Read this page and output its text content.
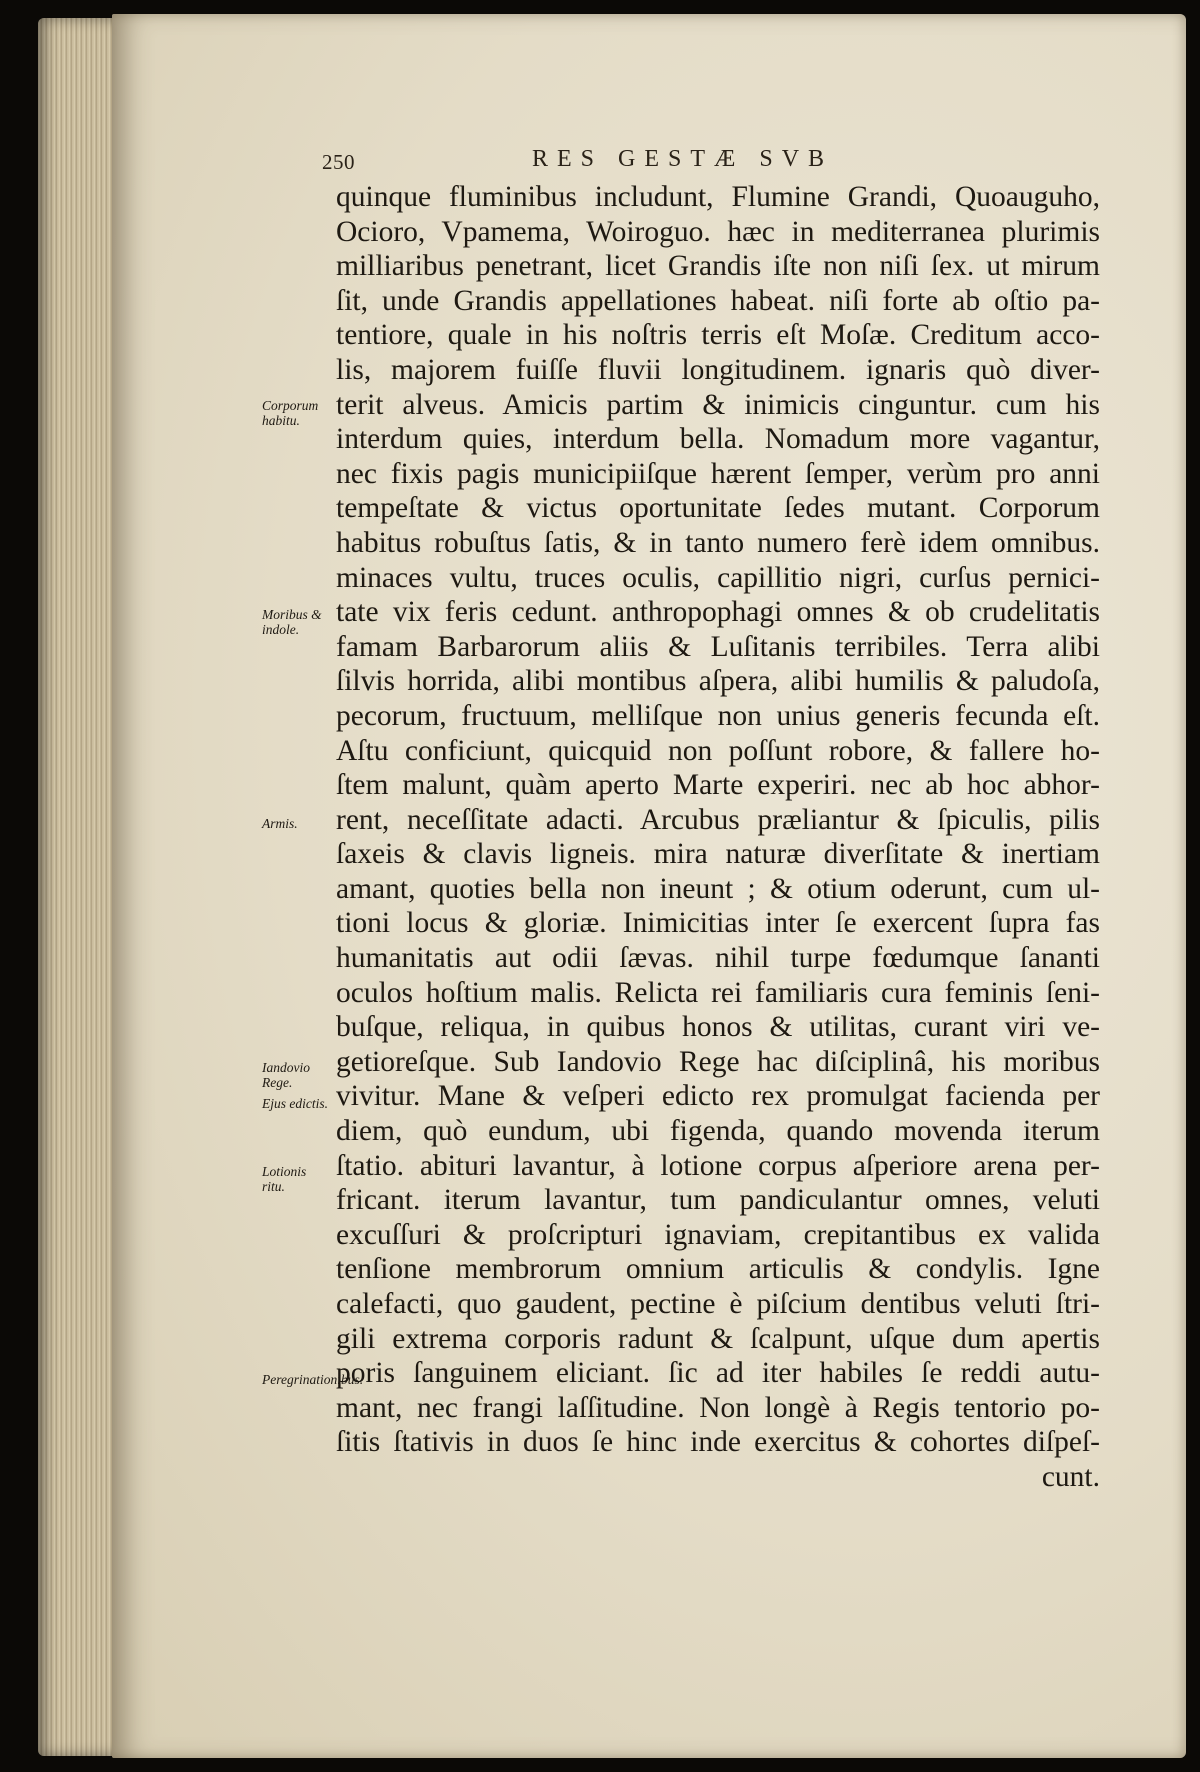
250	RES GESTÆ SVB
quinque fluminibus includunt, Flumine Grandi, Quoauguho,
Ocioro, Vpamema, Woiroguo. hæc in mediterranea plurimis
milliaribus penetrant, licet Grandis iſte non niſi ſex. ut mirum
ſit, unde Grandis appellationes habeat. niſi forte ab oſtio pa-
tentiore, quale in his noſtris terris eſt Moſæ. Creditum acco-
lis, majorem fuiſſe fluvii longitudinem. ignaris quò diver-
terit alveus. Amicis partim & inimicis cinguntur. cum his
interdum quies, interdum bella. Nomadum more vagantur,
nec fixis pagis municipiiſque hærent ſemper, verùm pro anni
tempeſtate & victus oportunitate ſedes mutant. Corporum
habitus robuſtus ſatis, & in tanto numero ferè idem omnibus.
minaces vultu, truces oculis, capillitio nigri, curſus pernici-
tate vix feris cedunt. anthropophagi omnes & ob crudelitatis
famam Barbarorum aliis & Luſitanis terribiles. Terra alibi
ſilvis horrida, alibi montibus aſpera, alibi humilis & paludoſa,
pecorum, fructuum, melliſque non unius generis fecunda eſt.
Aſtu conficiunt, quicquid non poſſunt robore, & fallere ho-
ſtem malunt, quàm aperto Marte experiri. nec ab hoc abhor-
rent, neceſſitate adacti. Arcubus præliantur & ſpiculis, pilis
ſaxeis & clavis ligneis. mira naturæ diverſitate & inertiam
amant, quoties bella non ineunt ; & otium oderunt, cum ul-
tioni locus & gloriæ. Inimicitias inter ſe exercent ſupra fas
humanitatis aut odii ſævas. nihil turpe fœdumque ſananti
oculos hoſtium malis. Relicta rei familiaris cura feminis ſeni-
buſque, reliqua, in quibus honos & utilitas, curant viri ve-
getioreſque. Sub Iandovio Rege hac diſciplinâ, his moribus
vivitur. Mane & veſperi edicto rex promulgat facienda per
diem, quò eundum, ubi figenda, quando movenda iterum
ſtatio. abituri lavantur, à lotione corpus aſperiore arena per-
fricant. iterum lavantur, tum pandiculantur omnes, veluti
excuſſuri & proſcripturi ignaviam, crepitantibus ex valida
tenſione membrorum omnium articulis & condylis. Igne
calefacti, quo gaudent, pectine è piſcium dentibus veluti ſtri-
gili extrema corporis radunt & ſcalpunt, uſque dum apertis
poris ſanguinem eliciant. ſic ad iter habiles ſe reddi autu-
mant, nec frangi laſſitudine. Non longè à Regis tentorio po-
ſitis ſtativis in duos ſe hinc inde exercitus & cohortes diſpeſ-
cunt.
Corporum habitu.
Moribus & indole.
Armis.
Iandovio Rege.
Ejus edictis.
Lotionis ritu.
Peregrinationibus.
